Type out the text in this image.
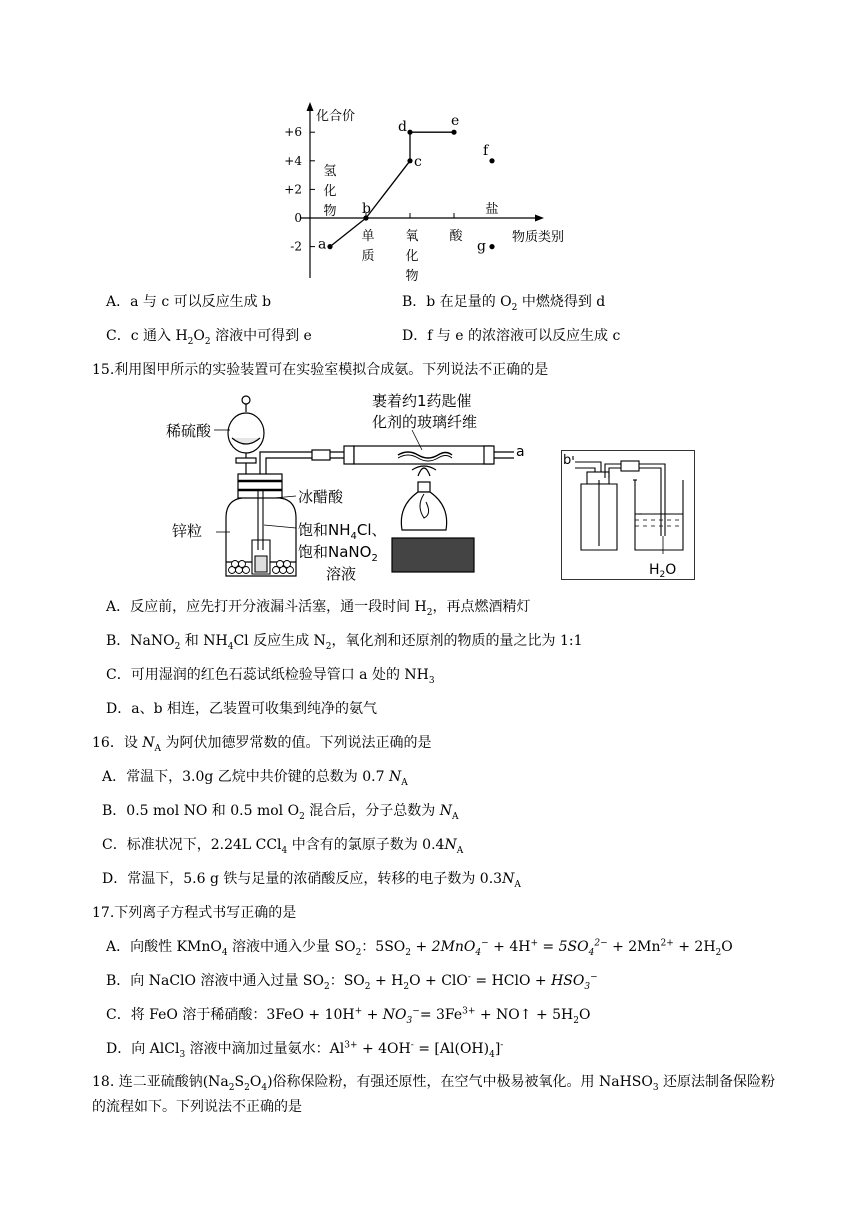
化合价
物质类别
+6
+4
+2
0
-2
氢
化
物	盐
单
质
氧
化
物
酸
a
b
c
d	e
f
g
A．a 与 c 可以反应生成 b	B．b 在足量的 $O_2$ 中燃烧得到 d
C．c 通入 $H_2O_2$ 溶液中可得到 e	D．f 与 e 的浓溶液可以反应生成 c
15.利用图甲所示的实验装置可在实验室模拟合成氨。下列说法不正确的是
稀硫酸
裹着约1药匙催
化剂的玻璃纤维
冰醋酸
锌粒	饱和$NH_4Cl$、
饱和NaNO$_2$
溶液
a
b
$H_2O$
A．反应前，应先打开分液漏斗活塞，通一段时间 $H_2$，再点燃酒精灯
B．NaNO$_2$ 和 $NH_4Cl$ 反应生成 $N_2$，氧化剂和还原剂的物质的量之比为 1:1
C．可用湿润的红色石蕊试纸检验导管口 a 处的 $NH_3$
D．a、b 相连，乙装置可收集到纯净的氨气
16．设 $N_A$ 为阿伏加德罗常数的值。下列说法正确的是
A．常温下，3.0g 乙烷中共价键的总数为 0.7 $N_A$
B．0.5 mol NO 和 0.5 mol $O_2$ 混合后，分子总数为 $N_A$
C．标准状况下，2.24L CCl$_4$ 中含有的氯原子数为 $0.4N_A$
D．常温下，5.6 g 铁与足量的浓硝酸反应，转移的电子数为 $0.3N_A$
17.下列离子方程式书写正确的是
A．向酸性 KMnO$_4$ 溶液中通入少量 $SO_2$：$5SO_2 + 2MnO_4^- + 4H^+ = 5SO_4^{2-} + 2Mn^{2+} + 2H_2O$
B．向 NaClO 溶液中通入过量 $SO_2$：$SO_2 + H_2O + ClO^-$ = HClO + $HSO_3^-$
C．将 FeO 溶于稀硝酸：$3FeO + 10H^+ + NO_3^-= 3Fe^{3+}$ + NO↑ + $5H_2O$
D．向 AlCl$_3$ 溶液中滴加过量氨水：$Al^{3+} + 4OH^- = [Al(OH)_4]^-$
18. 连二亚硫酸钠$(Na_2S_2O_4)$俗称保险粉，有强还原性，在空气中极易被氧化。用 NaHSO$_3$ 还原法制备保险粉
的流程如下。下列说法不正确的是
